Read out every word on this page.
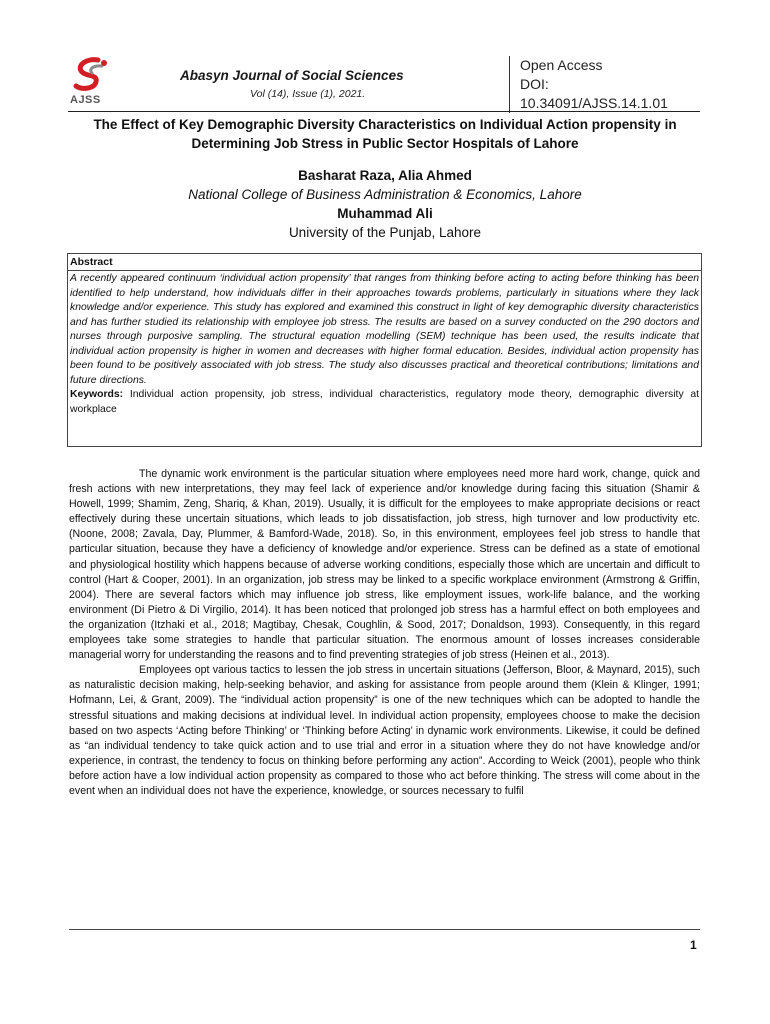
AJSS
Abasyn Journal of Social Sciences
Vol (14), Issue (1), 2021.
Open Access
DOI:
10.34091/AJSS.14.1.01
The Effect of Key Demographic Diversity Characteristics on Individual Action propensity in Determining Job Stress in Public Sector Hospitals of Lahore
Basharat Raza, Alia Ahmed
National College of Business Administration & Economics, Lahore
Muhammad Ali
University of the Punjab, Lahore
Abstract
A recently appeared continuum ‘individual action propensity’ that ranges from thinking before acting to acting before thinking has been identified to help understand, how individuals differ in their approaches towards problems, particularly in situations where they lack knowledge and/or experience. This study has explored and examined this construct in light of key demographic diversity characteristics and has further studied its relationship with employee job stress. The results are based on a survey conducted on the 290 doctors and nurses through purposive sampling. The structural equation modelling (SEM) technique has been used, the results indicate that individual action propensity is higher in women and decreases with higher formal education. Besides, individual action propensity has been found to be positively associated with job stress. The study also discusses practical and theoretical contributions; limitations and future directions.
Keywords: Individual action propensity, job stress, individual characteristics, regulatory mode theory, demographic diversity at workplace

The dynamic work environment is the particular situation where employees need more hard work, change, quick and fresh actions with new interpretations, they may feel lack of experience and/or knowledge during facing this situation (Shamir & Howell, 1999; Shamim, Zeng, Shariq, & Khan, 2019). Usually, it is difficult for the employees to make appropriate decisions or react effectively during these uncertain situations, which leads to job dissatisfaction, job stress, high turnover and low productivity etc. (Noone, 2008; Zavala, Day, Plummer, & Bamford-Wade, 2018). So, in this environment, employees feel job stress to handle that particular situation, because they have a deficiency of knowledge and/or experience. Stress can be defined as a state of emotional and physiological hostility which happens because of adverse working conditions, especially those which are uncertain and difficult to control (Hart & Cooper, 2001). In an organization, job stress may be linked to a specific workplace environment (Armstrong & Griffin, 2004). There are several factors which may influence job stress, like employment issues, work-life balance, and the working environment (Di Pietro & Di Virgilio, 2014). It has been noticed that prolonged job stress has a harmful effect on both employees and the organization (Itzhaki et al., 2018; Magtibay, Chesak, Coughlin, & Sood, 2017; Donaldson, 1993). Consequently, in this regard employees take some strategies to handle that particular situation. The enormous amount of losses increases considerable managerial worry for understanding the reasons and to find preventing strategies of job stress (Heinen et al., 2013).

Employees opt various tactics to lessen the job stress in uncertain situations (Jefferson, Bloor, & Maynard, 2015), such as naturalistic decision making, help-seeking behavior, and asking for assistance from people around them (Klein & Klinger, 1991; Hofmann, Lei, & Grant, 2009). The “individual action propensity” is one of the new techniques which can be adopted to handle the stressful situations and making decisions at individual level. In individual action propensity, employees choose to make the decision based on two aspects ‘Acting before Thinking’ or ‘Thinking before Acting’ in dynamic work environments. Likewise, it could be defined as “an individual tendency to take quick action and to use trial and error in a situation where they do not have knowledge and/or experience, in contrast, the tendency to focus on thinking before performing any action”. According to Weick (2001), people who think before action have a low individual action propensity as compared to those who act before thinking. The stress will come about in the event when an individual does not have the experience, knowledge, or sources necessary to fulfil

1
